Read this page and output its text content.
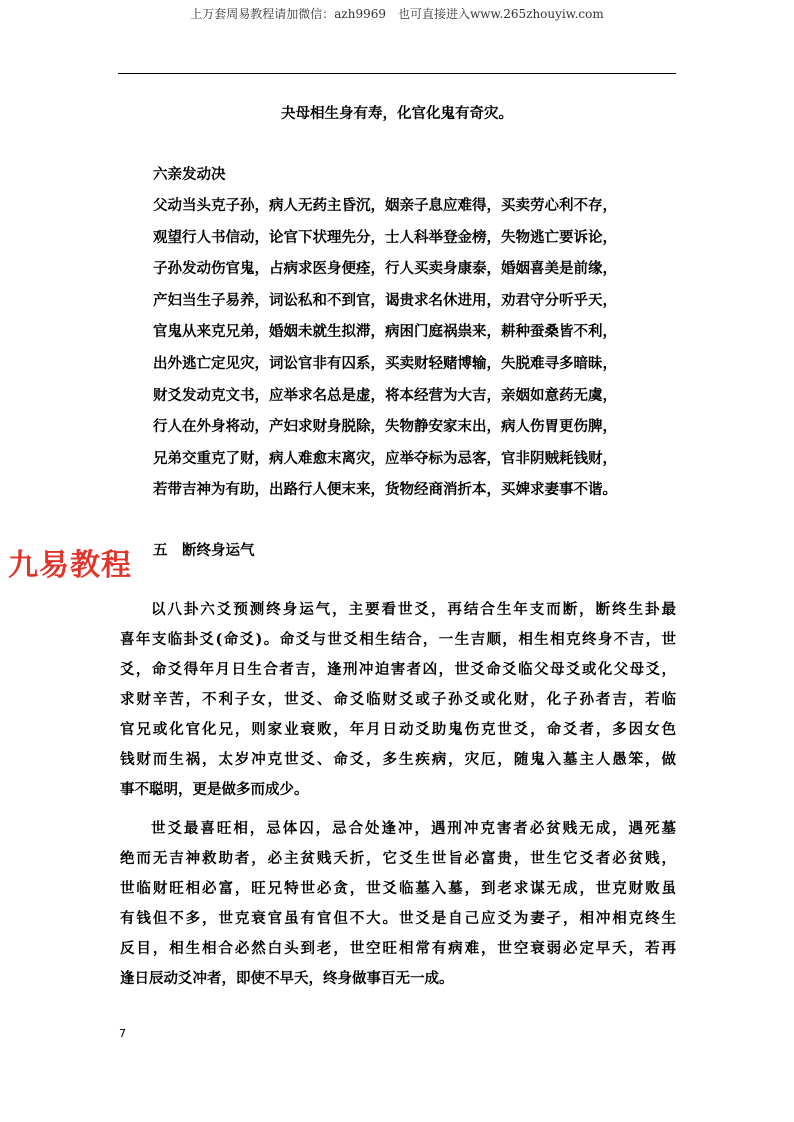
上万套周易教程请加微信：azh9969　也可直接进入www.265zhouyiw.com
夬母相生身有寿，化官化鬼有奇灾。
六亲发动决
父动当头克子孙，病人无药主昏沉，姻亲子息应难得，买卖劳心利不存，
观望行人书信动，论官下状理先分，士人科举登金榜，失物逃亡要诉论，
子孙发动伤官鬼，占病求医身便痊，行人买卖身康泰，婚姻喜美是前缘，
产妇当生子易养，词讼私和不到官，谒贵求名休进用，劝君守分听乎天，
官鬼从来克兄弟，婚姻未就生拟滞，病困门庭祸祟来，耕种蚕桑皆不利，
出外逃亡定见灾，词讼官非有囚系，买卖财轻赌博输，失脱难寻多暗昧，
财爻发动克文书，应举求名总是虚，将本经营为大吉，亲姻如意药无虞，
行人在外身将动，产妇求财身脱除，失物静安家末出，病人伤胃更伤脾，
兄弟交重克了财，病人难愈末离灾，应举夺标为忌客，官非阴贼耗钱财，
若带吉神为有助，出路行人便末来，货物经商消折本，买婢求妻事不谐。
九易教程 五　断终身运气
以八卦六爻预测终身运气，主要看世爻，再结合生年支而断，断终生卦最
喜年支临卦爻(命爻)。命爻与世爻相生结合，一生吉顺，相生相克终身不吉，世
爻，命爻得年月日生合者吉，逢刑冲迫害者凶，世爻命爻临父母爻或化父母爻，
求财辛苦，不利子女，世爻、命爻临财爻或子孙爻或化财，化子孙者吉，若临
官兄或化官化兄，则家业衰败，年月日动爻助鬼伤克世爻，命爻者，多因女色
钱财而生祸，太岁冲克世爻、命爻，多生疾病，灾厄，随鬼入墓主人愚笨，做
事不聪明，更是做多而成少。
世爻最喜旺相，忌体囚，忌合处逢冲，遇刑冲克害者必贫贱无成，遇死墓
绝而无吉神救助者，必主贫贱夭折，它爻生世旨必富贵，世生它爻者必贫贱，
世临财旺相必富，旺兄特世必贪，世爻临墓入墓，到老求谋无成，世克财败虽
有钱但不多，世克衰官虽有官但不大。世爻是自己应爻为妻孑，相冲相克终生
反目，相生相合必然白头到老，世空旺相常有病难，世空衰弱必定早夭，若再
逢日辰动爻冲者，即使不早夭，终身做事百无一成。
7
